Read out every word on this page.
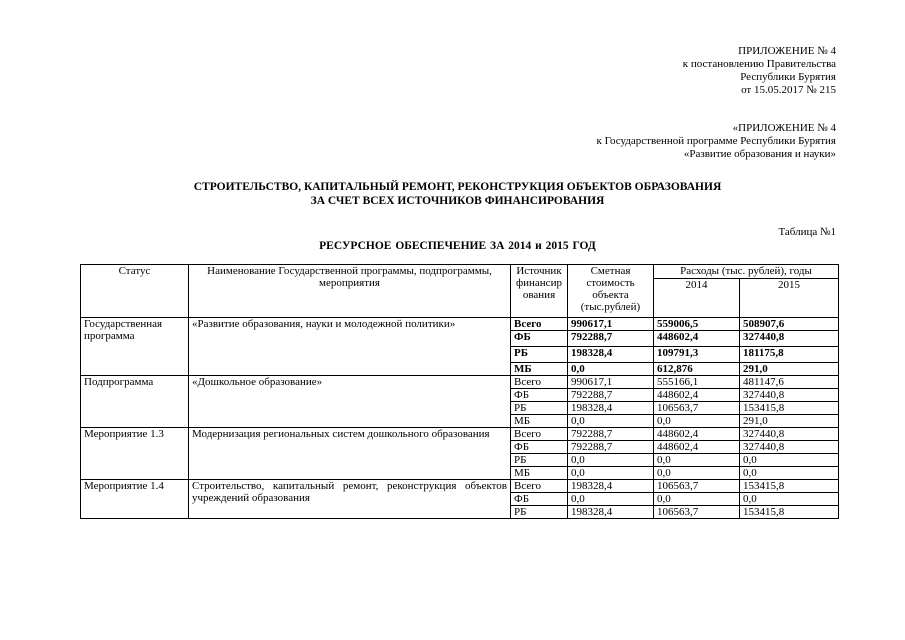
ПРИЛОЖЕНИЕ № 4
к постановлению Правительства
Республики Бурятия
от 15.05.2017 № 215
«ПРИЛОЖЕНИЕ № 4
к Государственной программе Республики Бурятия
«Развитие образования и науки»
СТРОИТЕЛЬСТВО, КАПИТАЛЬНЫЙ РЕМОНТ, РЕКОНСТРУКЦИЯ ОБЪЕКТОВ ОБРАЗОВАНИЯ
ЗА СЧЕТ ВСЕХ ИСТОЧНИКОВ ФИНАНСИРОВАНИЯ
Таблица №1
РЕСУРСНОЕ ОБЕСПЕЧЕНИЕ ЗА 2014 и 2015 ГОД
Статус	Наименование Государственной программы, подпрограммы, мероприятия	Источник финансирования	Сметная стоимость объекта (тыс.рублей)	Расходы (тыс. рублей), годы	
				2014	2015
Государственная программа	«Развитие образования, науки и молодежной политики»	Всего	990617,1	559006,5	508907,6
		ФБ	792288,7	448602,4	327440,8
		РБ	198328,4	109791,3	181175,8
		МБ	0,0	612,876	291,0
Подпрограмма	«Дошкольное образование»	Всего	990617,1	555166,1	481147,6
		ФБ	792288,7	448602,4	327440,8
		РБ	198328,4	106563,7	153415,8
		МБ	0,0	0,0	291,0
Мероприятие 1.3	Модернизация региональных систем дошкольного образования	Всего	792288,7	448602,4	327440,8
		ФБ	792288,7	448602,4	327440,8
		РБ	0,0	0,0	0,0
		МБ	0,0	0,0	0,0
Мероприятие 1.4	Строительство, капитальный ремонт, реконструкция объектов учреждений образования	Всего	198328,4	106563,7	153415,8
		ФБ	0,0	0,0	0,0
		РБ	198328,4	106563,7	153415,8
